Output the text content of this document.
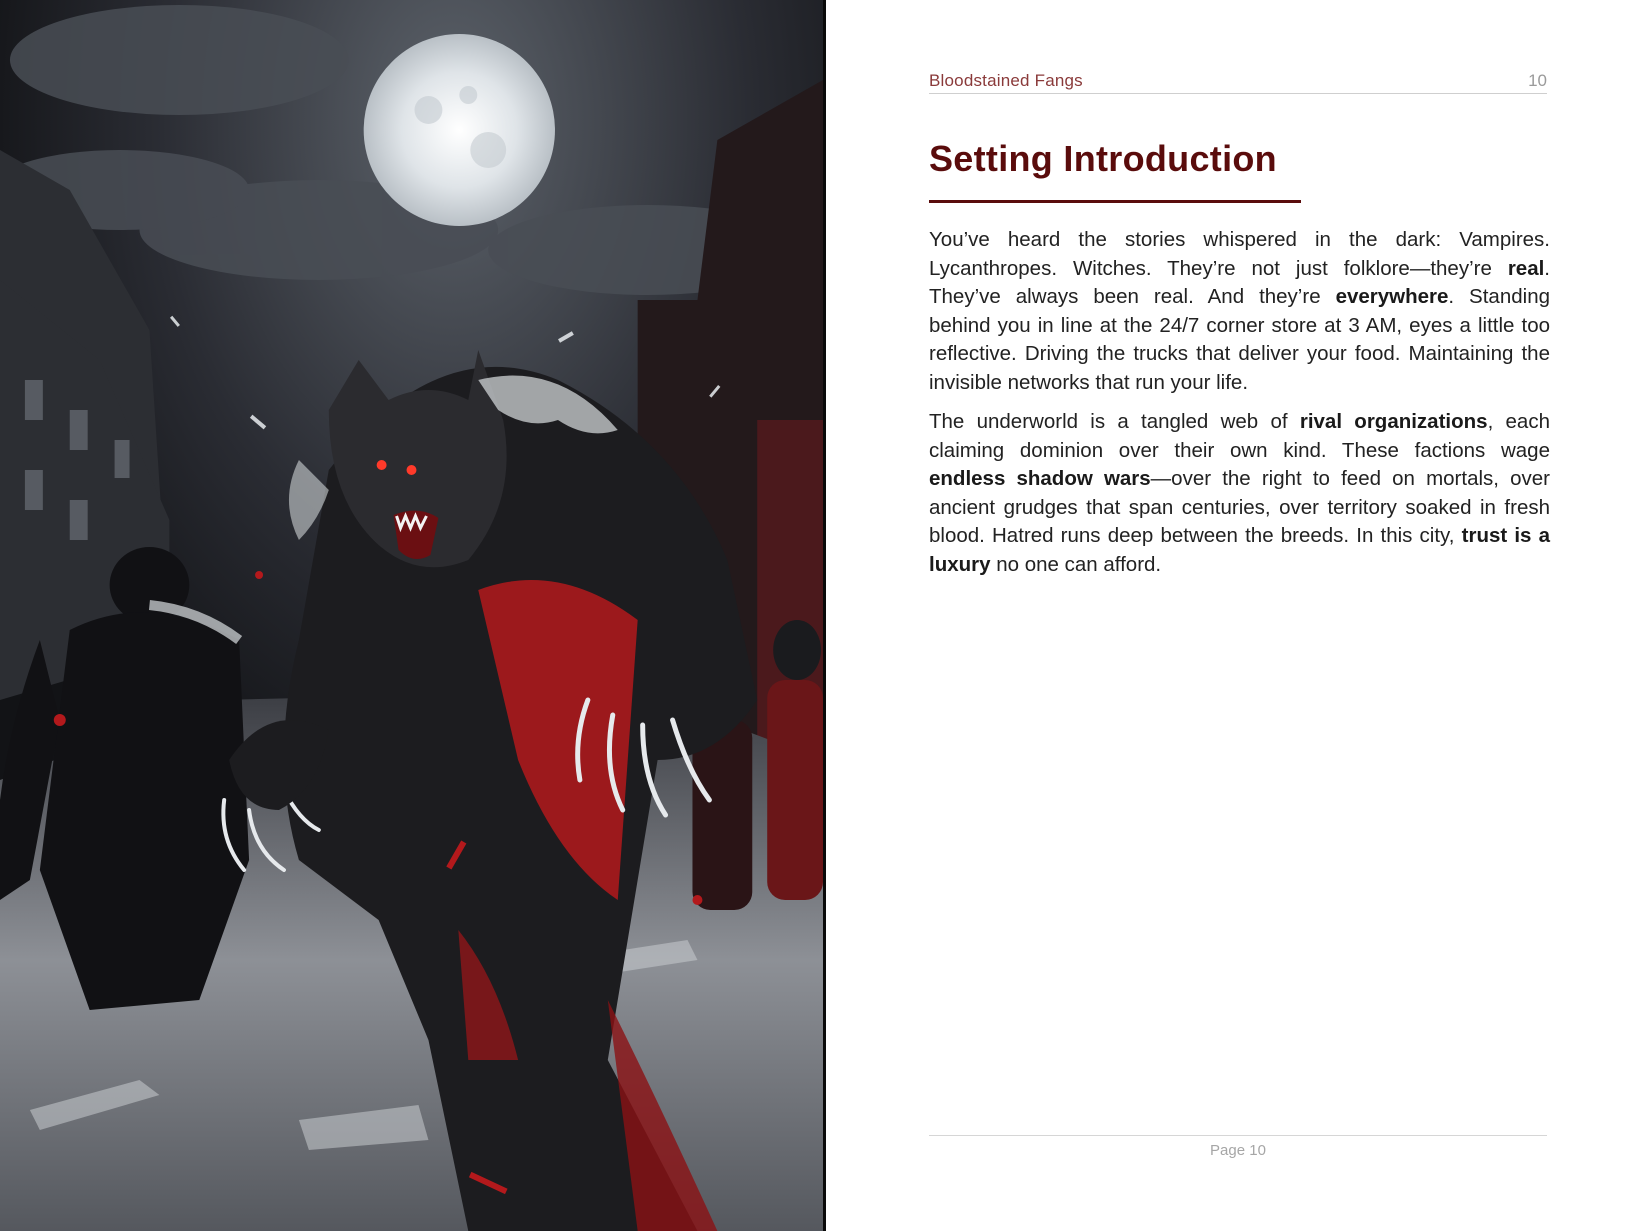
Bloodstained Fangs	10
Setting Introduction

You’ve heard the stories whispered in the dark: Vampires. Lycanthropes. Witches. They’re not just folklore—they’re real. They’ve always been real. And they’re everywhere. Standing behind you in line at the 24/7 corner store at 3 AM, eyes a little too reflective. Driving the trucks that deliver your food. Maintaining the invisible networks that run your life.

The underworld is a tangled web of rival organizations, each claiming dominion over their own kind. These factions wage endless shadow wars—over the right to feed on mortals, over ancient grudges that span centuries, over territory soaked in fresh blood. Hatred runs deep between the breeds. In this city, trust is a luxury no one can afford.

Page 10
